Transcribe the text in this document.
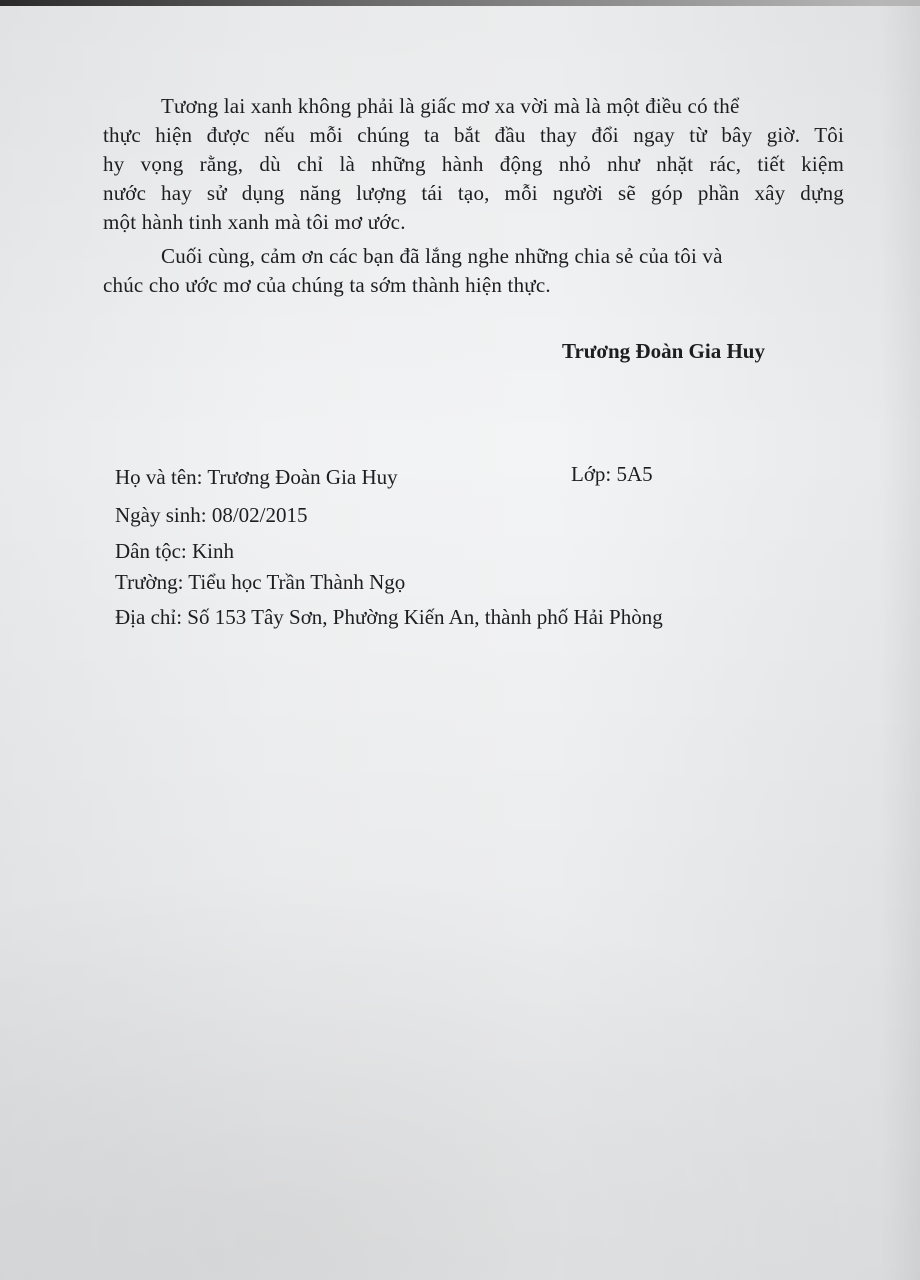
Tương lai xanh không phải là giấc mơ xa vời mà là một điều có thể
thực hiện được nếu mỗi chúng ta bắt đầu thay đổi ngay từ bây giờ. Tôi
hy vọng rằng, dù chỉ là những hành động nhỏ như nhặt rác, tiết kiệm
nước hay sử dụng năng lượng tái tạo, mỗi người sẽ góp phần xây dựng
một hành tinh xanh mà tôi mơ ước.
Cuối cùng, cảm ơn các bạn đã lắng nghe những chia sẻ của tôi và
chúc cho ước mơ của chúng ta sớm thành hiện thực.
Trương Đoàn Gia Huy
Họ và tên: Trương Đoàn Gia Huy	Lớp: 5A5
Ngày sinh: 08/02/2015
Dân tộc: Kinh
Trường: Tiểu học Trần Thành Ngọ
Địa chỉ: Số 153 Tây Sơn, Phường Kiến An, thành phố Hải Phòng
